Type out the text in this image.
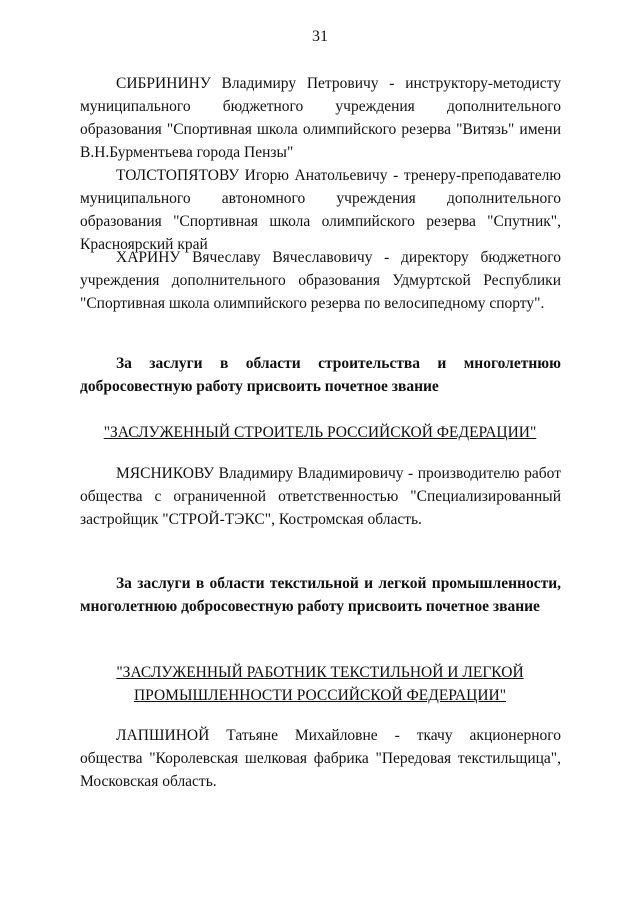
31
СИБРИНИНУ Владимиру Петровичу - инструктору-методисту муниципального бюджетного учреждения дополнительного образования "Спортивная школа олимпийского резерва "Витязь" имени В.Н.Бурментьева города Пензы"
ТОЛСТОПЯТОВУ Игорю Анатольевичу - тренеру-преподавателю муниципального автономного учреждения дополнительного образования "Спортивная школа олимпийского резерва "Спутник", Красноярский край
ХАРИНУ Вячеславу Вячеславовичу - директору бюджетного учреждения дополнительного образования Удмуртской Республики "Спортивная школа олимпийского резерва по велосипедному спорту".
За заслуги в области строительства и многолетнюю добросовестную работу присвоить почетное звание
"ЗАСЛУЖЕННЫЙ СТРОИТЕЛЬ РОССИЙСКОЙ ФЕДЕРАЦИИ"
МЯСНИКОВУ Владимиру Владимировичу - производителю работ общества с ограниченной ответственностью "Специализированный застройщик "СТРОЙ-ТЭКС", Костромская область.
За заслуги в области текстильной и легкой промышленности, многолетнюю добросовестную работу присвоить почетное звание
"ЗАСЛУЖЕННЫЙ РАБОТНИК ТЕКСТИЛЬНОЙ И ЛЕГКОЙ
ПРОМЫШЛЕННОСТИ РОССИЙСКОЙ ФЕДЕРАЦИИ"
ЛАПШИНОЙ Татьяне Михайловне - ткачу акционерного общества "Королевская шелковая фабрика "Передовая текстильщица", Московская область.
